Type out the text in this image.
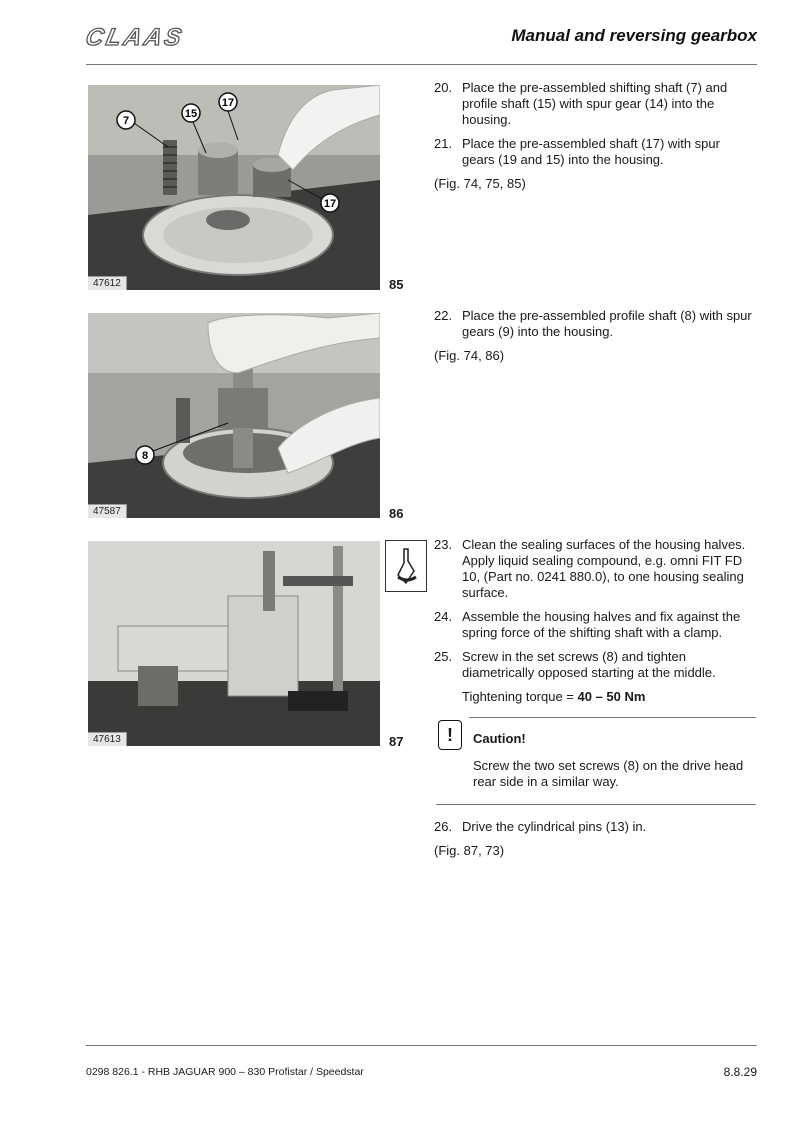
CLAAS	Manual and reversing gearbox
7
15
17
17
47612	85
8
47587	86
47613	87
20. Place the pre-assembled shifting shaft (7) and profile shaft (15) with spur gear (14) into the housing.
21. Place the pre-assembled shaft (17) with spur gears (19 and 15) into the housing.

(Fig. 74, 75, 85)

22. Place the pre-assembled profile shaft (8) with spur gears (9) into the housing.

(Fig. 74, 86)

23. Clean the sealing surfaces of the housing halves. Apply liquid sealing compound, e.g. omni FIT FD 10, (Part no. 0241 880.0), to one housing sealing surface.
24. Assemble the housing halves and fix against the spring force of the shifting shaft with a clamp.
25. Screw in the set screws (8) and tighten diametrically opposed starting at the middle.
Tightening torque = 40 – 50 Nm
!	Caution!
Screw the two set screws (8) on the drive head rear side in a similar way.
26. Drive the cylindrical pins (13) in.

(Fig. 87, 73)

0298 826.1 - RHB JAGUAR 900 – 830 Profistar / Speedstar	8.8.29
